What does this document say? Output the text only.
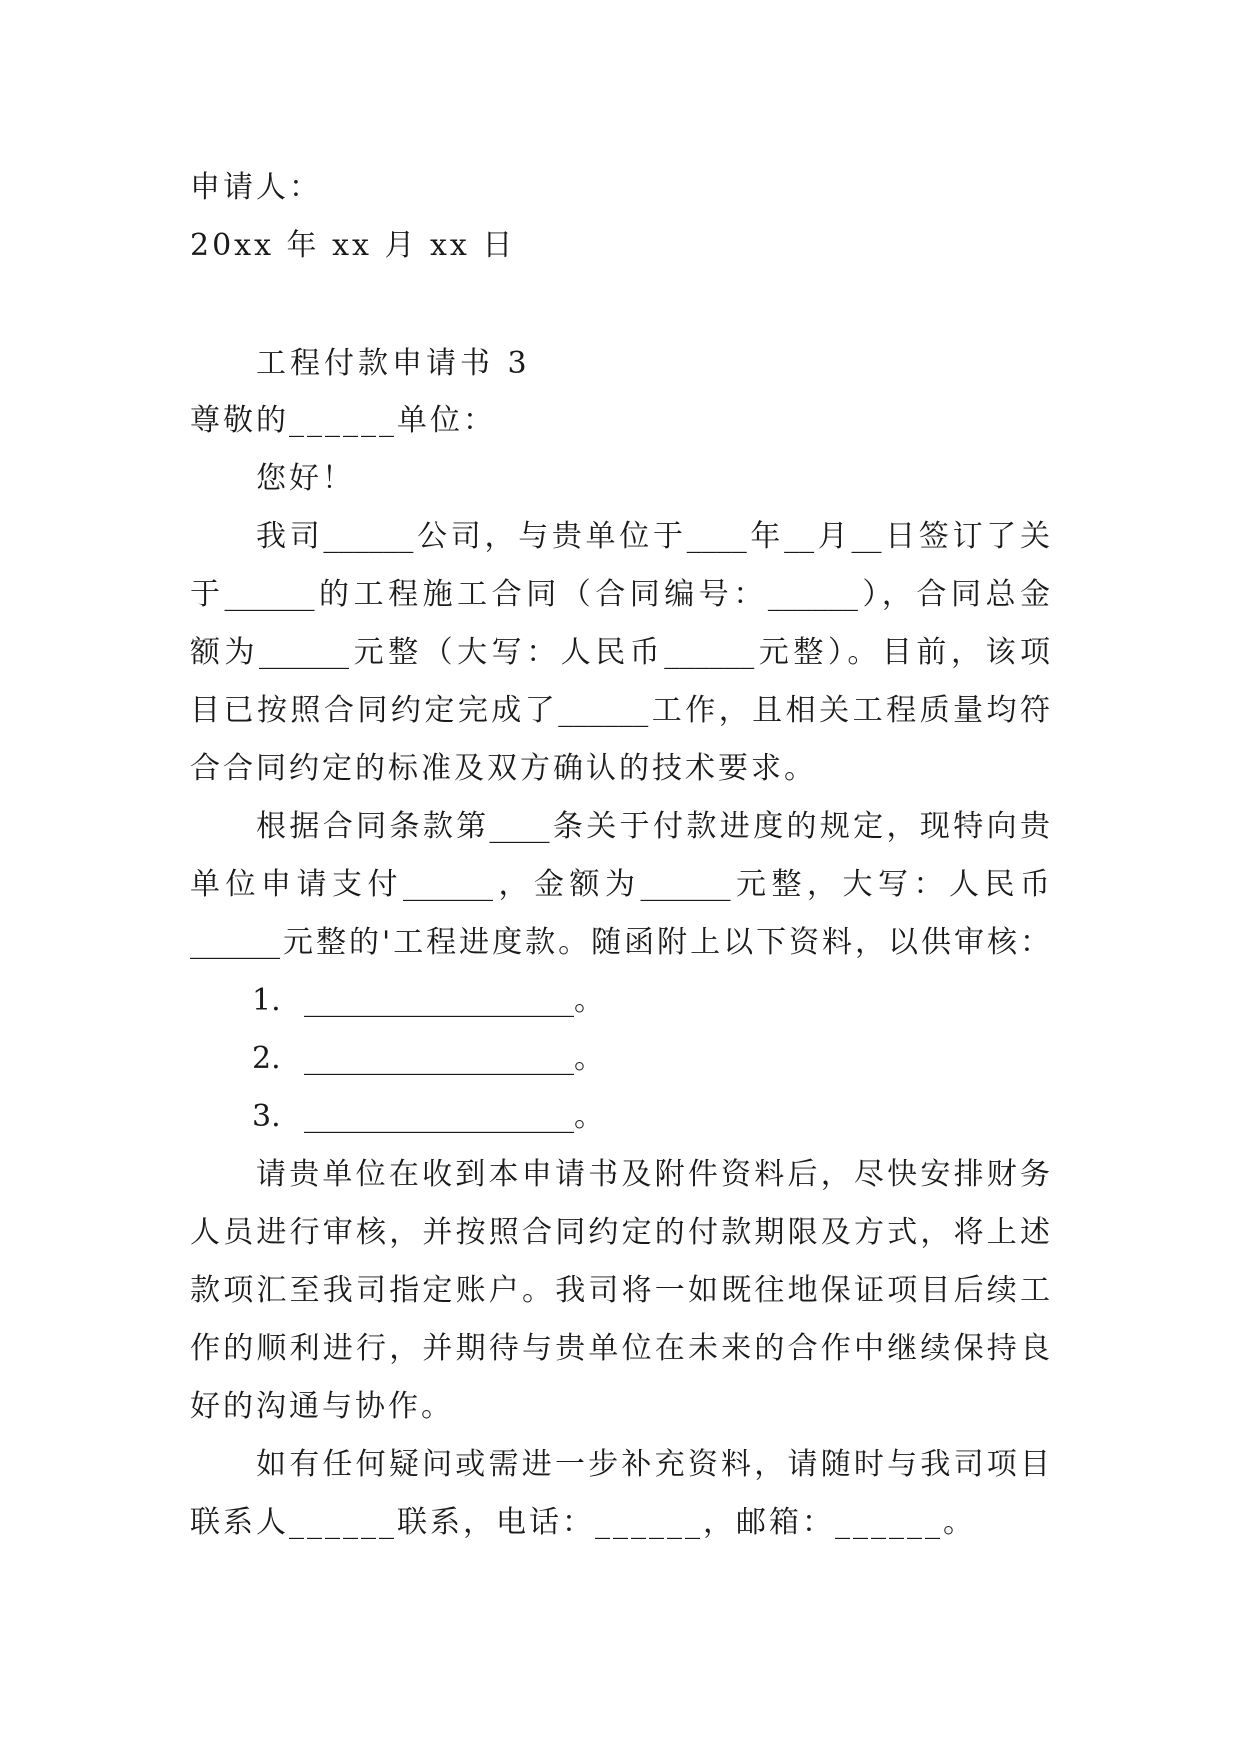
申请人：
20xx 年 xx 月 xx 日
工程付款申请书 3
尊敬的______单位：
您好！
我司______公司，与贵单位于____年__月__日签订了关
于______的工程施工合同（合同编号：______），合同总金
额为______元整（大写：人民币______元整）。目前，该项
目已按照合同约定完成了______工作，且相关工程质量均符
合合同约定的标准及双方确认的技术要求。
根据合同条款第____条关于付款进度的规定，现特向贵
单位申请支付______，金额为______元整，大写：人民币
______元整的'工程进度款。随函附上以下资料，以供审核：
1. __________________。
2. __________________。
3. __________________。
请贵单位在收到本申请书及附件资料后，尽快安排财务
人员进行审核，并按照合同约定的付款期限及方式，将上述
款项汇至我司指定账户。我司将一如既往地保证项目后续工
作的顺利进行，并期待与贵单位在未来的合作中继续保持良
好的沟通与协作。
如有任何疑问或需进一步补充资料，请随时与我司项目
联系人______联系，电话：______，邮箱：______。
